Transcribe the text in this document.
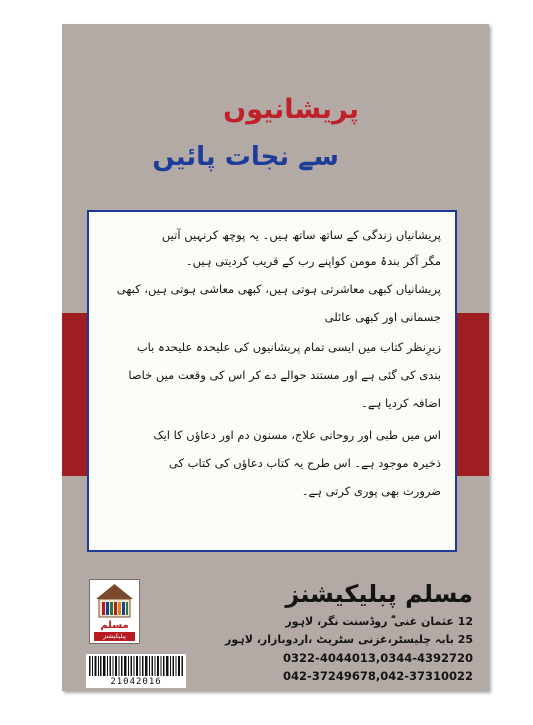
پریشانیوں
سے نجات پائیں

پریشانیاں زندگی کے ساتھ ساتھ ہیں۔ یہ پوچھ کرنہیں آتیں

مگر آکر بندۂ مومن کواپنے رب کے قریب کردیتی ہیں۔

پریشانیاں کبھی معاشرتی ہوتی ہیں، کبھی معاشی ہوتی ہیں، کبھی

جسمانی اور کبھی عائلی

زیرِنظر کتاب میں ایسی تمام پریشانیوں کی علیحدہ علیحدہ باب

بندی کی گئی ہے اور مستند حوالے دے کر اس کی وقعت میں خاصا

اضافہ کردیا ہے۔

اس میں طبی اور روحانی علاج، مسنون دم اور دعاؤں کا ایک

ذخیرہ موجود ہے۔ اس طرح یہ کتاب دعاؤں کی کتاب کی

ضرورت بھی پوری کرتی ہے۔

مسلم
پبلیکیشنز
مسلم پبلیکیشنز
12 عثمان غنی ؓ روڈسنت نگر، لاہور
25 بابہ چلیسٹر،غزنی سٹریٹ ،اردوبازار، لاہور
0322-4044013,0344-4392720
042-37249678,042-37310022
21042016
